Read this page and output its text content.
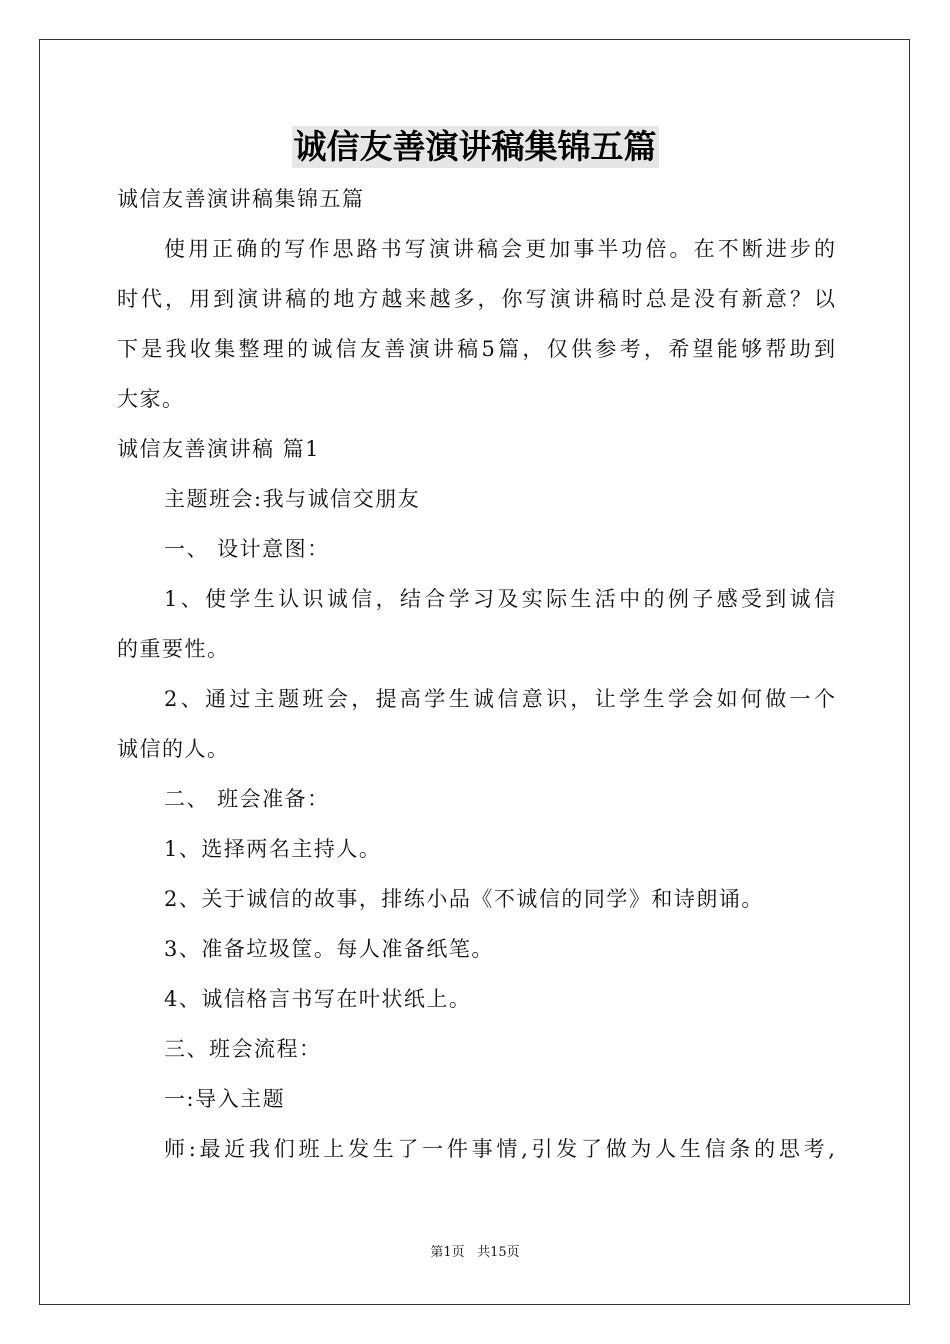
诚信友善演讲稿集锦五篇
诚信友善演讲稿集锦五篇
使用正确的写作思路书写演讲稿会更加事半功倍。在不断进步的
时代，用到演讲稿的地方越来越多，你写演讲稿时总是没有新意？以
下是我收集整理的诚信友善演讲稿5篇，仅供参考，希望能够帮助到
大家。
诚信友善演讲稿 篇1
主题班会:我与诚信交朋友
一、 设计意图：
1、使学生认识诚信，结合学习及实际生活中的例子感受到诚信
的重要性。
2、通过主题班会，提高学生诚信意识，让学生学会如何做一个
诚信的人。
二、 班会准备：
1、选择两名主持人。
2、关于诚信的故事，排练小品《不诚信的同学》和诗朗诵。
3、准备垃圾筐。每人准备纸笔。
4、诚信格言书写在叶状纸上。
三、班会流程：
一:导入主题
师:最近我们班上发生了一件事情,引发了做为人生信条的思考,
第1页 共15页
